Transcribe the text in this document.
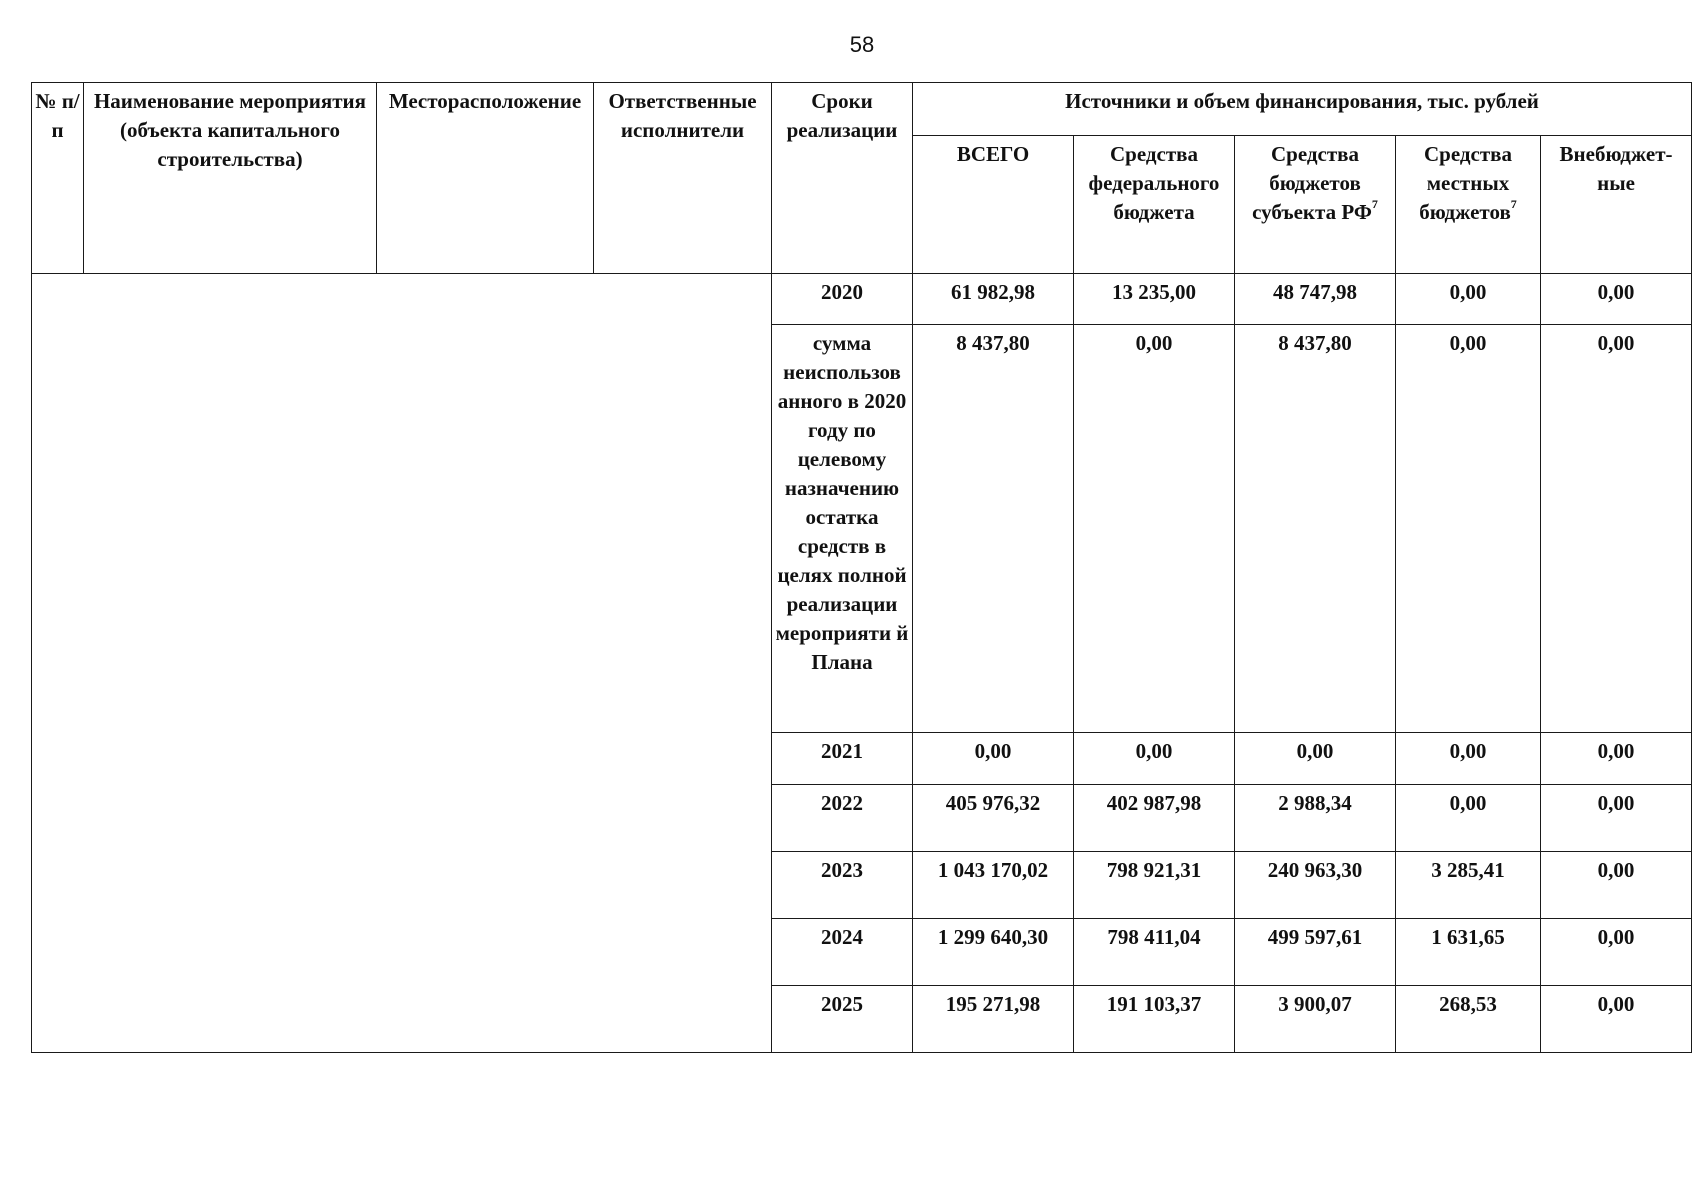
58
№ п/п	Наименование мероприятия (объекта капитального строительства)	Месторасположение	Ответственные исполнители	Сроки реализации	Источники и объем финансирования, тыс. рублей				
					ВСЕГО	Средства федерального бюджета	Средства бюджетов субъекта $РФ^7$	Средства местных бюджетов$^7$	Внебюджет-ные
				2020	61 982,98	13 235,00	48 747,98	0,00	0,00
				сумма неиспользов анного в 2020 году по целевому назначению остатка средств в целях полной реализации мероприяти й Плана	8 437,80	0,00	8 437,80	0,00	0,00
				2021	0,00	0,00	0,00	0,00	0,00
				2022	405 976,32	402 987,98	2 988,34	0,00	0,00
				2023	1 043 170,02	798 921,31	240 963,30	3 285,41	0,00
				2024	1 299 640,30	798 411,04	499 597,61	1 631,65	0,00
				2025	195 271,98	191 103,37	3 900,07	268,53	0,00
